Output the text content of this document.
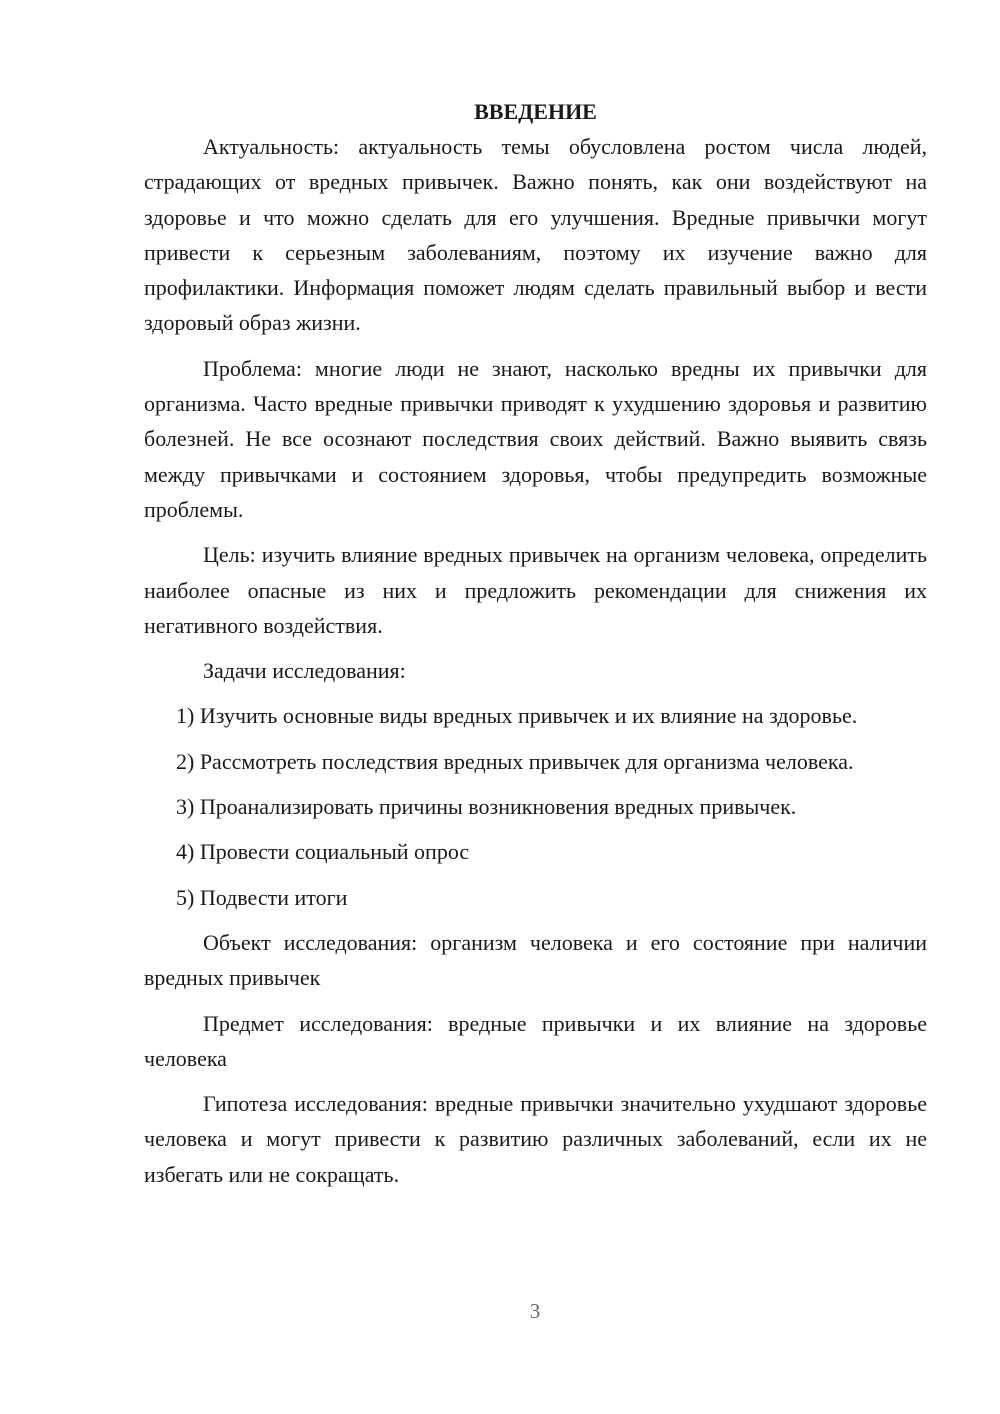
ВВЕДЕНИЕ

Актуальность: актуальность темы обусловлена ростом числа людей, страдающих от вредных привычек. Важно понять, как они воздействуют на здоровье и что можно сделать для его улучшения. Вредные привычки могут привести к серьезным заболеваниям, поэтому их изучение важно для профилактики. Информация поможет людям сделать правильный выбор и вести здоровый образ жизни.

Проблема: многие люди не знают, насколько вредны их привычки для организма. Часто вредные привычки приводят к ухудшению здоровья и развитию болезней. Не все осознают последствия своих действий. Важно выявить связь между привычками и состоянием здоровья, чтобы предупредить возможные проблемы.

Цель: изучить влияние вредных привычек на организм человека, определить наиболее опасные из них и предложить рекомендации для снижения их негативного воздействия.

Задачи исследования:

1) Изучить основные виды вредных привычек и их влияние на здоровье.

2) Рассмотреть последствия вредных привычек для организма человека.

3) Проанализировать причины возникновения вредных привычек.

4) Провести социальный опрос

5) Подвести итоги

Объект исследования: организм человека и его состояние при наличии вредных привычек

Предмет исследования: вредные привычки и их влияние на здоровье человека

Гипотеза исследования: вредные привычки значительно ухудшают здоровье человека и могут привести к развитию различных заболеваний, если их не избегать или не сокращать.

3
